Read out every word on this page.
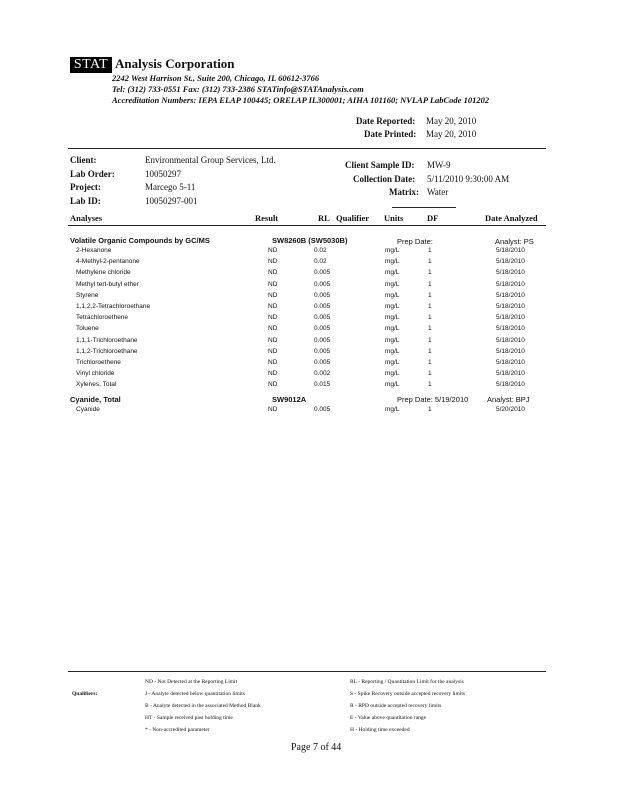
STAT Analysis Corporation
2242 West Harrison St., Suite 200, Chicago, IL 60612-3766
Tel: (312) 733-0551 Fax: (312) 733-2386 STATinfo@STATAnalysis.com
Accreditation Numbers: IEPA ELAP 100445; ORELAP IL300001; AIHA 101160; NVLAP LabCode 101202
Date Reported: May 20, 2010
Date Printed: May 20, 2010
Client:	Environmental Group Services, Ltd.
Lab Order:	10050297
Project:	Marcego 5-11
Lab ID:	10050297-001
Client Sample ID: MW-9
Collection Date: 5/11/2010 9:30:00 AM
Matrix: Water
Analyses	Result	RL Qualifier Units	DF	Date Analyzed
Volatile Organic Compounds by GC/MS	SW8260B (SW5030B)	Prep Date:	Analyst: PS
2-Hexanone	ND	0.02	mg/L	1	5/18/2010
4-Methyl-2-pentanone	ND	0.02	mg/L	1	5/18/2010
Methylene chloride	ND	0.005	mg/L	1	5/18/2010
Methyl tert-butyl ether	ND	0.005	mg/L	1	5/18/2010
Styrene	ND	0.005	mg/L	1	5/18/2010
1,1,2,2-Tetrachloroethane	ND	0.005	mg/L	1	5/18/2010
Tetrachloroethene	ND	0.005	mg/L	1	5/18/2010
Toluene	ND	0.005	mg/L	1	5/18/2010
1,1,1-Trichloroethane	ND	0.005	mg/L	1	5/18/2010
1,1,2-Trichloroethane	ND	0.005	mg/L	1	5/18/2010
Trichloroethene	ND	0.005	mg/L	1	5/18/2010
Vinyl chloride	ND	0.002	mg/L	1	5/18/2010
Xylenes, Total	ND	0.015	mg/L	1	5/18/2010
Cyanide, Total	SW9012A	Prep Date: 5/19/2010 Analyst: BPJ
Cyanide	ND	0.005	mg/L	1	5/20/2010
Qualifiers:
ND - Not Detected at the Reporting Limit
J - Analyte detected below quantitation limits
B - Analyte detected in the associated Method Blank
HT - Sample received past holding time
* - Non-accredited parameter
RL - Reporting / Quantitation Limit for the analysis
S - Spike Recovery outside accepted recovery limits
R - RPD outside accepted recovery limits
E - Value above quantitation range
H - Holding time exceeded
Page 7 of 44
